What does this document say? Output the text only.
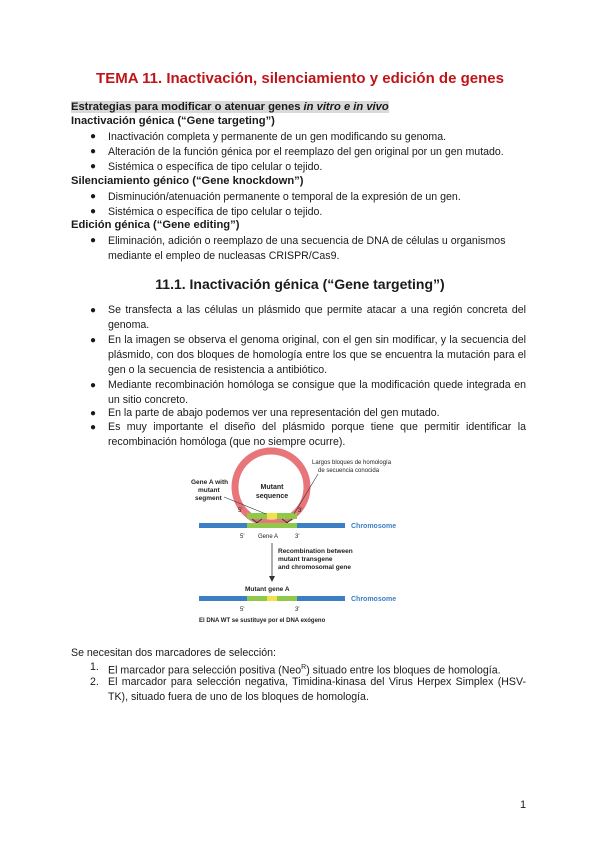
TEMA 11. Inactivación, silenciamiento y edición de genes
Estrategias para modificar o atenuar genes in vitro e in vivo
Inactivación génica (“Gene targeting”)
● Inactivación completa y permanente de un gen modificando su genoma.
● Alteración de la función génica por el reemplazo del gen original por un gen mutado.
● Sistémica o específica de tipo celular o tejido.
Silenciamiento génico (“Gene knockdown”)
● Disminución/atenuación permanente o temporal de la expresión de un gen.
● Sistémica o específica de tipo celular o tejido.
Edición génica (“Gene editing”)
● Eliminación, adición o reemplazo de una secuencia de DNA de células u organismos
mediante el empleo de nucleasas CRISPR/Cas9.
11.1. Inactivación génica (“Gene targeting”)
● Se transfecta a las células un plásmido que permite atacar a una región concreta del genoma.
● En la imagen se observa el genoma original, con el gen sin modificar, y la secuencia del plásmido, con dos bloques de homología entre los que se encuentra la mutación para el gen o la secuencia de resistencia a antibiótico.
● Mediante recombinación homóloga se consigue que la modificación quede integrada en un sitio concreto.
● En la parte de abajo podemos ver una representación del gen mutado.
● Es muy importante el diseño del plásmido porque tiene que permitir identificar la recombinación homóloga (que no siempre ocurre).
Mutant
sequence
Largos bloques de homología
de secuencia conocida
Gene A with
mutant
segment
5'	3'
Chromosome
5' Gene A	3'
Recombination between
mutant transgene
and chromosomal gene
Mutant gene A
Chromosome
5'	3'
El DNA WT se sustituye por el DNA exógeno
Se necesitan dos marcadores de selección:
1. El marcador para selección positiva (Neo$^R$) situado entre los bloques de homología.
2. El marcador para selección negativa, Timidina-kinasa del Virus Herpex Simplex (HSV-TK), situado fuera de uno de los bloques de homología.
1
